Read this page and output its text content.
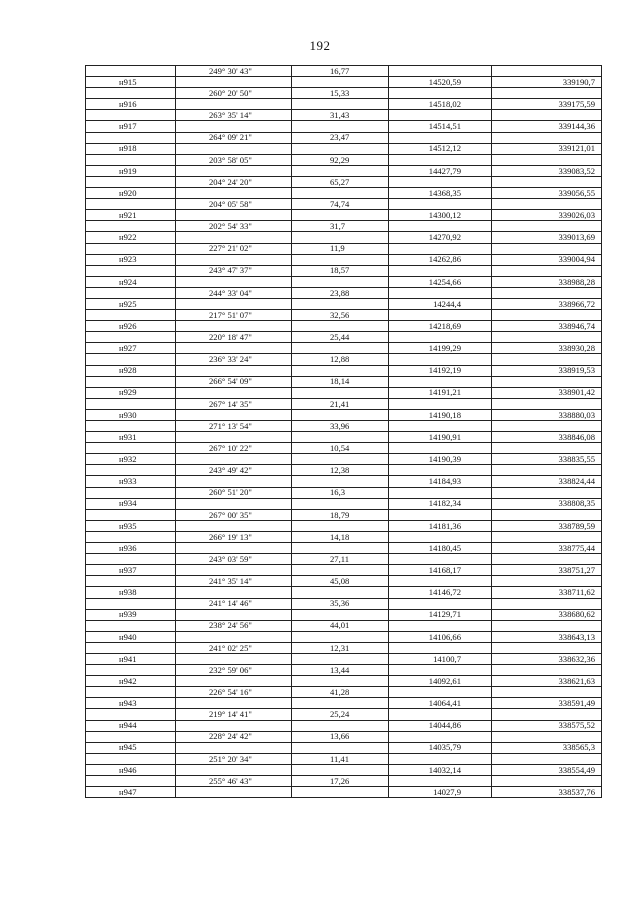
192
	249° 30' 43"	16,77		
н915			14520,59	339190,7
	260° 20' 50"	15,33		
н916			14518,02	339175,59
	263° 35' 14"	31,43		
н917			14514,51	339144,36
	264° 09' 21"	23,47		
н918			14512,12	339121,01
	203° 58' 05"	92,29		
н919			14427,79	339083,52
	204° 24' 20"	65,27		
н920			14368,35	339056,55
	204° 05' 58"	74,74		
н921			14300,12	339026,03
	202° 54' 33"	31,7		
н922			14270,92	339013,69
	227° 21' 02"	11,9		
н923			14262,86	339004,94
	243° 47' 37"	18,57		
н924			14254,66	338988,28
	244° 33' 04"	23,88		
н925			14244,4	338966,72
	217° 51' 07"	32,56		
н926			14218,69	338946,74
	220° 18' 47"	25,44		
н927			14199,29	338930,28
	236° 33' 24"	12,88		
н928			14192,19	338919,53
	266° 54' 09"	18,14		
н929			14191,21	338901,42
	267° 14' 35"	21,41		
н930			14190,18	338880,03
	271° 13' 54"	33,96		
н931			14190,91	338846,08
	267° 10' 22"	10,54		
н932			14190,39	338835,55
	243° 49' 42"	12,38		
н933			14184,93	338824,44
	260° 51' 20"	16,3		
н934			14182,34	338808,35
	267° 00' 35"	18,79		
н935			14181,36	338789,59
	266° 19' 13"	14,18		
н936			14180,45	338775,44
	243° 03' 59"	27,11		
н937			14168,17	338751,27
	241° 35' 14"	45,08		
н938			14146,72	338711,62
	241° 14' 46"	35,36		
н939			14129,71	338680,62
	238° 24' 56"	44,01		
н940			14106,66	338643,13
	241° 02' 25"	12,31		
н941			14100,7	338632,36
	232° 59' 06"	13,44		
н942			14092,61	338621,63
	226° 54' 16"	41,28		
н943			14064,41	338591,49
	219° 14' 41"	25,24		
н944			14044,86	338575,52
	228° 24' 42"	13,66		
н945			14035,79	338565,3
	251° 20' 34"	11,41		
н946			14032,14	338554,49
	255° 46' 43"	17,26		
н947			14027,9	338537,76
